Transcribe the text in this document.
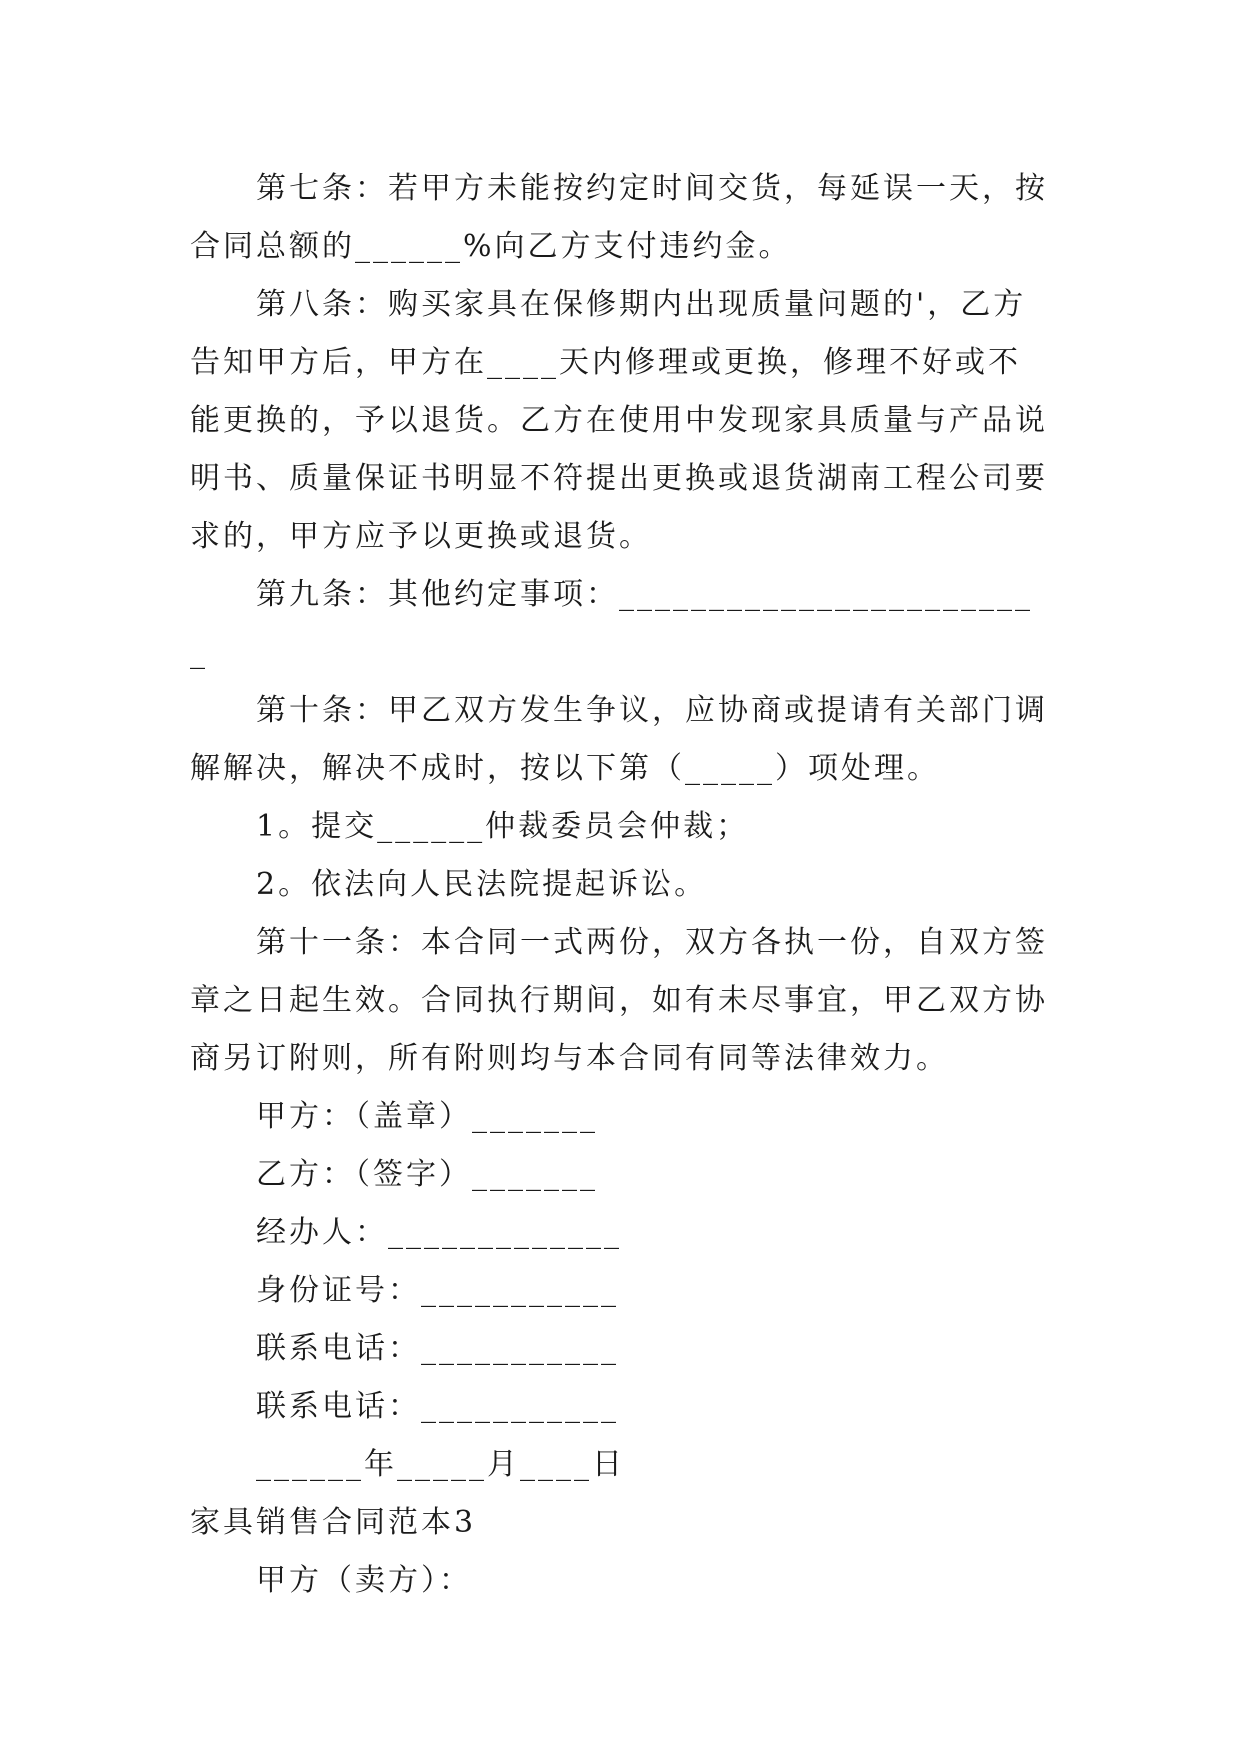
第七条：若甲方未能按约定时间交货，每延误一天，按合同总额的______%向乙方支付违约金。

第八条：购买家具在保修期内出现质量问题的'，乙方告知甲方后，甲方在____天内修理或更换，修理不好或不能更换的，予以退货。乙方在使用中发现家具质量与产品说明书、质量保证书明显不符提出更换或退货湖南工程公司要求的，甲方应予以更换或退货。

第九条：其他约定事项：________________________

第十条：甲乙双方发生争议，应协商或提请有关部门调解解决，解决不成时，按以下第（_____）项处理。

1。提交______仲裁委员会仲裁；

2。依法向人民法院提起诉讼。

第十一条：本合同一式两份，双方各执一份，自双方签章之日起生效。合同执行期间，如有未尽事宜，甲乙双方协商另订附则，所有附则均与本合同有同等法律效力。

甲方：（盖章）_______

乙方：（签字）_______

经办人：_____________

身份证号：___________

联系电话：___________

联系电话：___________

______年_____月____日

家具销售合同范本3

甲方（卖方）：
